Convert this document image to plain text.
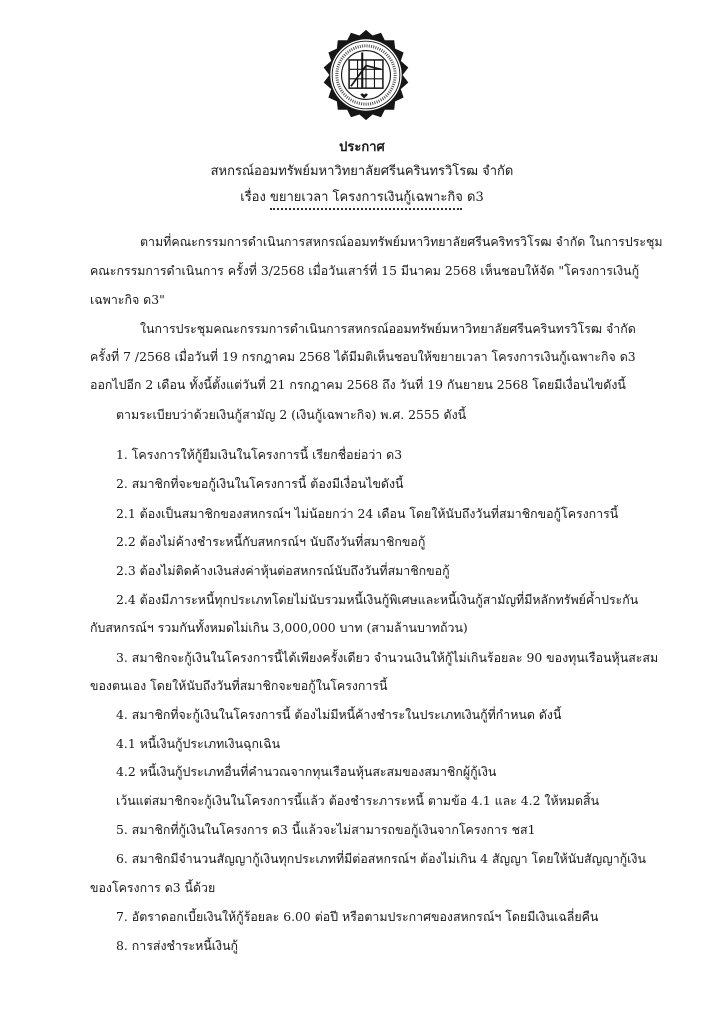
ประกาศ
สหกรณ์ออมทรัพย์มหาวิทยาลัยศรีนครินทรวิโรฒ จำกัด
เรื่อง ขยายเวลา โครงการเงินกู้เฉพาะกิจ ด3
ตามที่คณะกรรมการดำเนินการสหกรณ์ออมทรัพย์มหาวิทยาลัยศรีนคริทรวิโรฒ จำกัด ในการประชุม
คณะกรรมการดำเนินการ ครั้งที่ 3/2568 เมื่อวันเสาร์ที่ 15 มีนาคม 2568 เห็นชอบให้จัด "โครงการเงินกู้
เฉพาะกิจ ด3"
ในการประชุมคณะกรรมการดำเนินการสหกรณ์ออมทรัพย์มหาวิทยาลัยศรีนครินทรวิโรฒ จำกัด
ครั้งที่ 7 /2568 เมื่อวันที่ 19 กรกฎาคม 2568 ได้มีมติเห็นชอบให้ขยายเวลา โครงการเงินกู้เฉพาะกิจ ด3
ออกไปอีก 2 เดือน ทั้งนี้ตั้งแต่วันที่ 21 กรกฎาคม 2568 ถึง วันที่ 19 กันยายน 2568 โดยมีเงื่อนไขดังนี้
ตามระเบียบว่าด้วยเงินกู้สามัญ 2 (เงินกู้เฉพาะกิจ) พ.ศ. 2555 ดังนี้
1. โครงการให้กู้ยืมเงินในโครงการนี้ เรียกชื่อย่อว่า ด3
2. สมาชิกที่จะขอกู้เงินในโครงการนี้ ต้องมีเงื่อนไขดังนี้
2.1 ต้องเป็นสมาชิกของสหกรณ์ฯ ไม่น้อยกว่า 24 เดือน โดยให้นับถึงวันที่สมาชิกขอกู้โครงการนี้
2.2 ต้องไม่ค้างชำระหนี้กับสหกรณ์ฯ นับถึงวันที่สมาชิกขอกู้
2.3 ต้องไม่ติดค้างเงินส่งค่าหุ้นต่อสหกรณ์นับถึงวันที่สมาชิกขอกู้
2.4 ต้องมีภาระหนี้ทุกประเภทโดยไม่นับรวมหนี้เงินกู้พิเศษและหนี้เงินกู้สามัญที่มีหลักทรัพย์ค้ำประกัน
กับสหกรณ์ฯ รวมกันทั้งหมดไม่เกิน 3,000,000 บาท (สามล้านบาทถ้วน)
3. สมาชิกจะกู้เงินในโครงการนี้ได้เพียงครั้งเดียว จำนวนเงินให้กู้ไม่เกินร้อยละ 90 ของทุนเรือนหุ้นสะสม
ของตนเอง โดยให้นับถึงวันที่สมาชิกจะขอกู้ในโครงการนี้
4. สมาชิกที่จะกู้เงินในโครงการนี้ ต้องไม่มีหนี้ค้างชำระในประเภทเงินกู้ที่กำหนด ดังนี้
4.1 หนี้เงินกู้ประเภทเงินฉุกเฉิน
4.2 หนี้เงินกู้ประเภทอื่นที่คำนวณจากทุนเรือนหุ้นสะสมของสมาชิกผู้กู้เงิน
เว้นแต่สมาชิกจะกู้เงินในโครงการนี้แล้ว ต้องชำระภาระหนี้ ตามข้อ 4.1 และ 4.2 ให้หมดสิ้น
5. สมาชิกที่กู้เงินในโครงการ ด3 นี้แล้วจะไม่สามารถขอกู้เงินจากโครงการ ชส1
6. สมาชิกมีจำนวนสัญญากู้เงินทุกประเภทที่มีต่อสหกรณ์ฯ ต้องไม่เกิน 4 สัญญา โดยให้นับสัญญากู้เงิน
ของโครงการ ด3 นี้ด้วย
7. อัตราดอกเบี้ยเงินให้กู้ร้อยละ 6.00 ต่อปี หรือตามประกาศของสหกรณ์ฯ โดยมีเงินเฉลี่ยคืน
8. การส่งชำระหนี้เงินกู้
